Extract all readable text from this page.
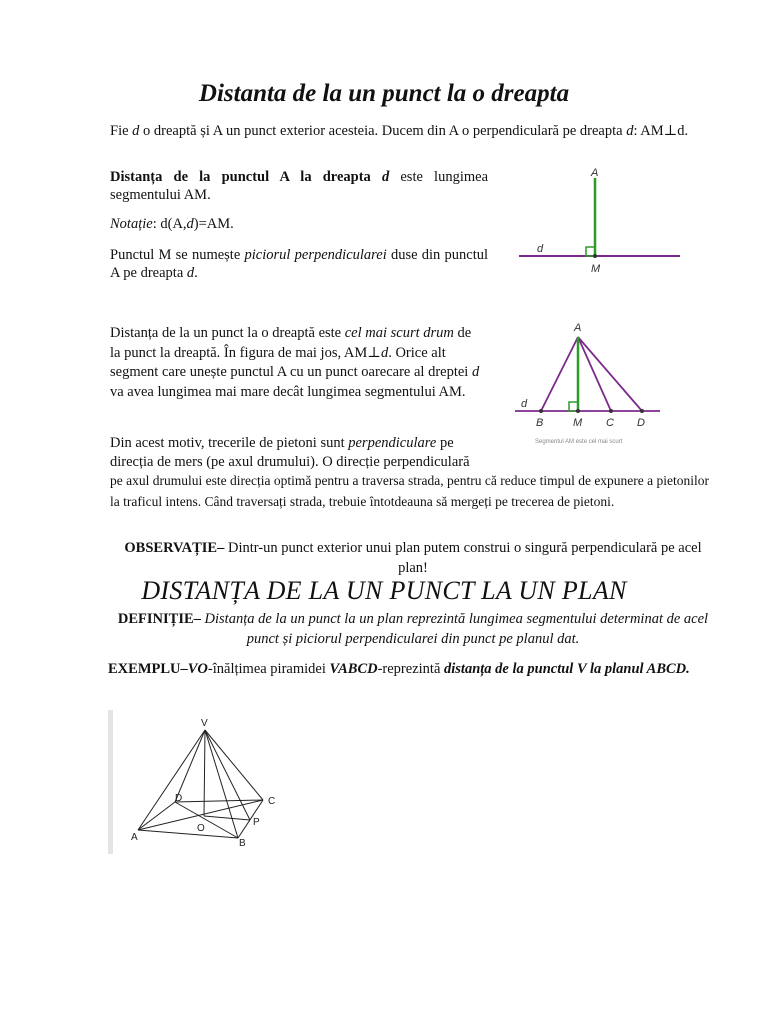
Distanta de la un punct la o dreapta
Fie d o dreaptă și A un punct exterior acesteia. Ducem din A o perpendiculară pe dreapta d: AM⊥d.
Distanța de la punctul A la dreapta d este lungimea segmentului AM.
Notație: d(A,d)=AM.
Punctul M se numește piciorul perpendicularei duse din punctul A pe dreapta d.
A
d
M
Distanța de la un punct la o dreaptă este cel mai scurt drum de la punct la dreaptă. În figura de mai jos, AM⊥d. Orice alt segment care unește punctul A cu un punct oarecare al dreptei d va avea lungimea mai mare decât lungimea segmentului AM.
A
d
B	M C D
Segmentul AM este cel mai scurt
Din acest motiv, trecerile de pietoni sunt perpendiculare pe direcția de mers (pe axul drumului). O direcție perpendiculară
pe axul drumului este direcția optimă pentru a traversa strada, pentru că reduce timpul de expunere a pietonilor la traficul intens. Când traversați strada, trebuie întotdeauna să mergeți pe trecerea de pietoni.
OBSERVAȚIE– Dintr-un punct exterior unui plan putem construi o singură perpendiculară pe acel plan!
DISTANȚA DE LA UN PUNCT LA UN PLAN
DEFINIȚIE– Distanța de la un punct la un plan reprezintă lungimea segmentului determinat de acel punct și piciorul perpendicularei din punct pe planul dat.
EXEMPLU–VO-înălțimea piramidei VABCD-reprezintă distanța de la punctul V la planul ABCD.
V
D	C
A
O
P
B
